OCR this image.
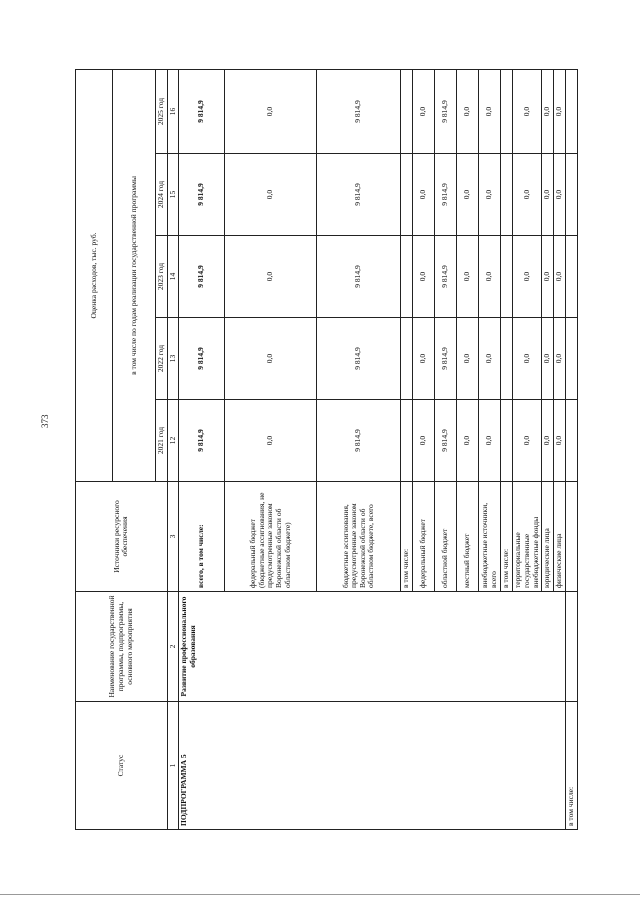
373
Статус	Наименование государственной программы, подпрограммы, основного мероприятия	Источники ресурсного обеспечения	Оценка расходов, тыс. руб.				
			в том числе по годам реализации государственной программы				
			2021 год	2022 год	2023 год	2024 год	2025 год
1	2	3	12	13	14	15	16
ПОДПРОГРАММА 5	Развитие профессионального образования	всего, в том числе:	9 814,9	9 814,9	9 814,9	9 814,9	9 814,9
		федеральный бюджет (бюджетные ассигнования, не предусмотренные законом Воронежской области об областном бюджете)	0,0	0,0	0,0	0,0	0,0
		бюджетные ассигнования, предусмотренные законом Воронежской области об областном бюджете, всего	9 814,9	9 814,9	9 814,9	9 814,9	9 814,9
		в том числе:					
		федеральный бюджет	0,0	0,0	0,0	0,0	0,0
		областной бюджет	9 814,9	9 814,9	9 814,9	9 814,9	9 814,9
		местный бюджет	0,0	0,0	0,0	0,0	0,0
		внебюджетные источники, всего	0,0	0,0	0,0	0,0	0,0
		в том числе:					
		территориальные государственные внебюджетные фонды	0,0	0,0	0,0	0,0	0,0
		юридические лица	0,0	0,0	0,0	0,0	0,0
		физические лица	0,0	0,0	0,0	0,0	0,0
в том числе:							
